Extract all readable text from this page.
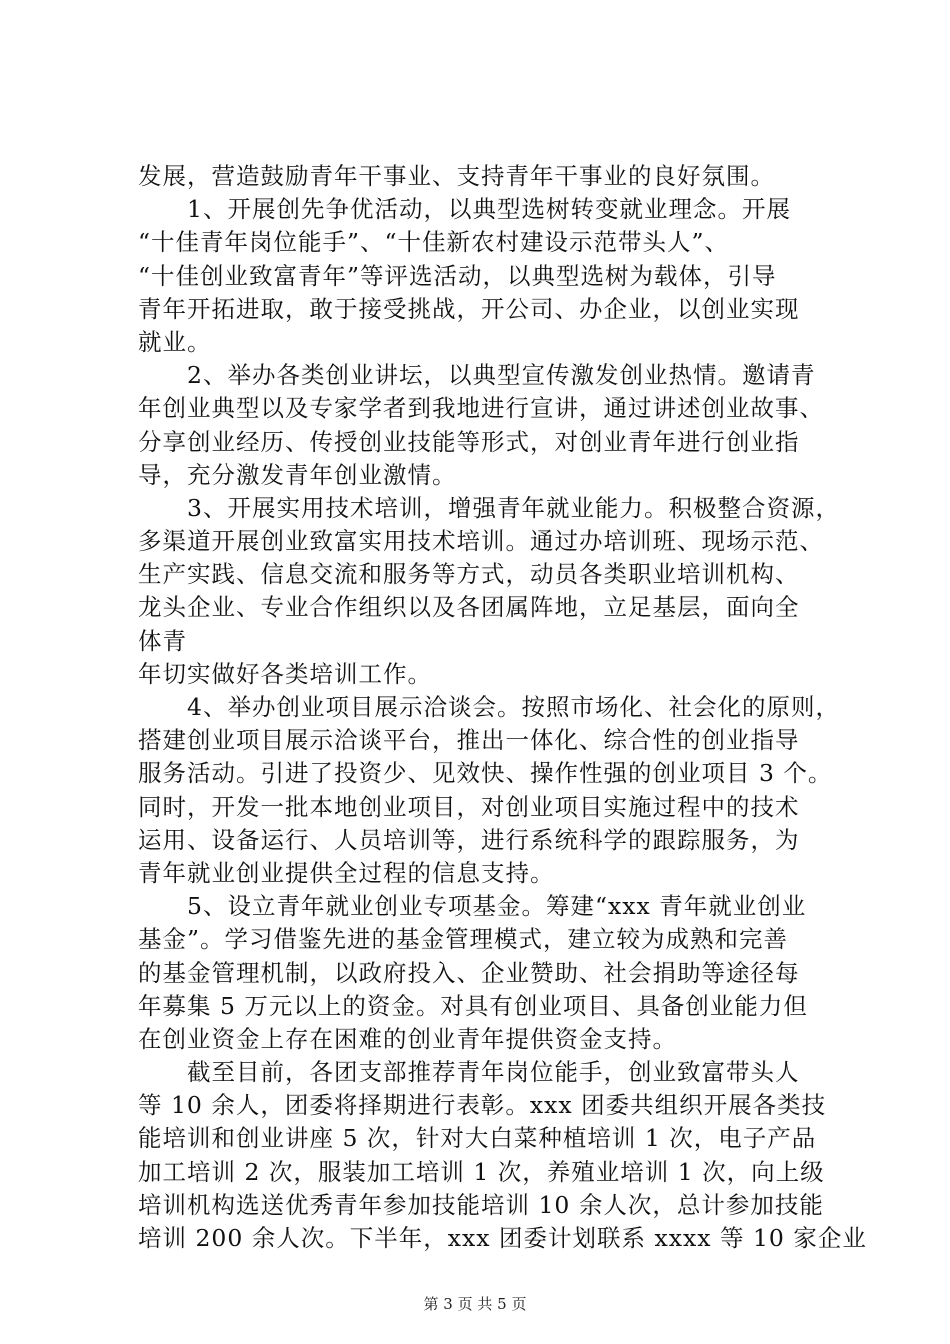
发展，营造鼓励青年干事业、支持青年干事业的良好氛围。
　　1、开展创先争优活动，以典型选树转变就业理念。开展
“十佳青年岗位能手”、“十佳新农村建设示范带头人”、
“十佳创业致富青年”等评选活动，以典型选树为载体，引导
青年开拓进取，敢于接受挑战，开公司、办企业，以创业实现
就业。
　　2、举办各类创业讲坛，以典型宣传激发创业热情。邀请青
年创业典型以及专家学者到我地进行宣讲，通过讲述创业故事、
分享创业经历、传授创业技能等形式，对创业青年进行创业指
导，充分激发青年创业激情。
　　3、开展实用技术培训，增强青年就业能力。积极整合资源，
多渠道开展创业致富实用技术培训。通过办培训班、现场示范、
生产实践、信息交流和服务等方式，动员各类职业培训机构、
龙头企业、专业合作组织以及各团属阵地，立足基层，面向全
体青
年切实做好各类培训工作。
　　4、举办创业项目展示洽谈会。按照市场化、社会化的原则，
搭建创业项目展示洽谈平台，推出一体化、综合性的创业指导
服务活动。引进了投资少、见效快、操作性强的创业项目 3 个。
同时，开发一批本地创业项目，对创业项目实施过程中的技术
运用、设备运行、人员培训等，进行系统科学的跟踪服务，为
青年就业创业提供全过程的信息支持。
　　5、设立青年就业创业专项基金。筹建“xxx 青年就业创业
基金”。学习借鉴先进的基金管理模式，建立较为成熟和完善
的基金管理机制，以政府投入、企业赞助、社会捐助等途径每
年募集 5 万元以上的资金。对具有创业项目、具备创业能力但
在创业资金上存在困难的创业青年提供资金支持。
　　截至目前，各团支部推荐青年岗位能手，创业致富带头人
等 10 余人，团委将择期进行表彰。xxx 团委共组织开展各类技
能培训和创业讲座 5 次，针对大白菜种植培训 1 次，电子产品
加工培训 2 次，服装加工培训 1 次，养殖业培训 1 次，向上级
培训机构选送优秀青年参加技能培训 10 余人次，总计参加技能
培训 200 余人次。下半年，xxx 团委计划联系 xxxx 等 10 家企业
第 3 页 共 5 页
